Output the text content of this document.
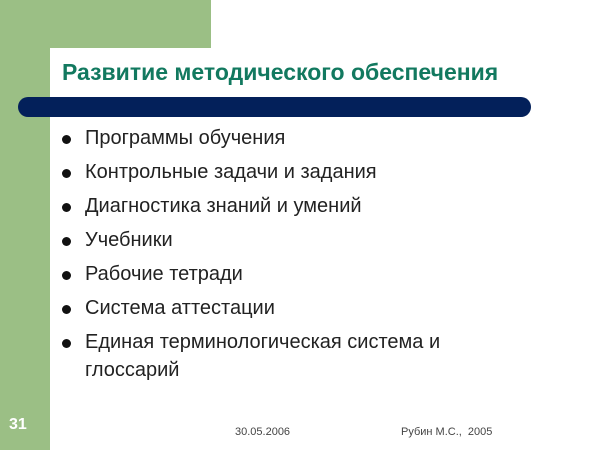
Развитие методического обеспечения
Программы обучения
Контрольные задачи и задания
Диагностика знаний и умений
Учебники
Рабочие тетради
Система аттестации
Единая терминологическая система и глоссарий
31	30.05.2006	Рубин М.С.,  2005
